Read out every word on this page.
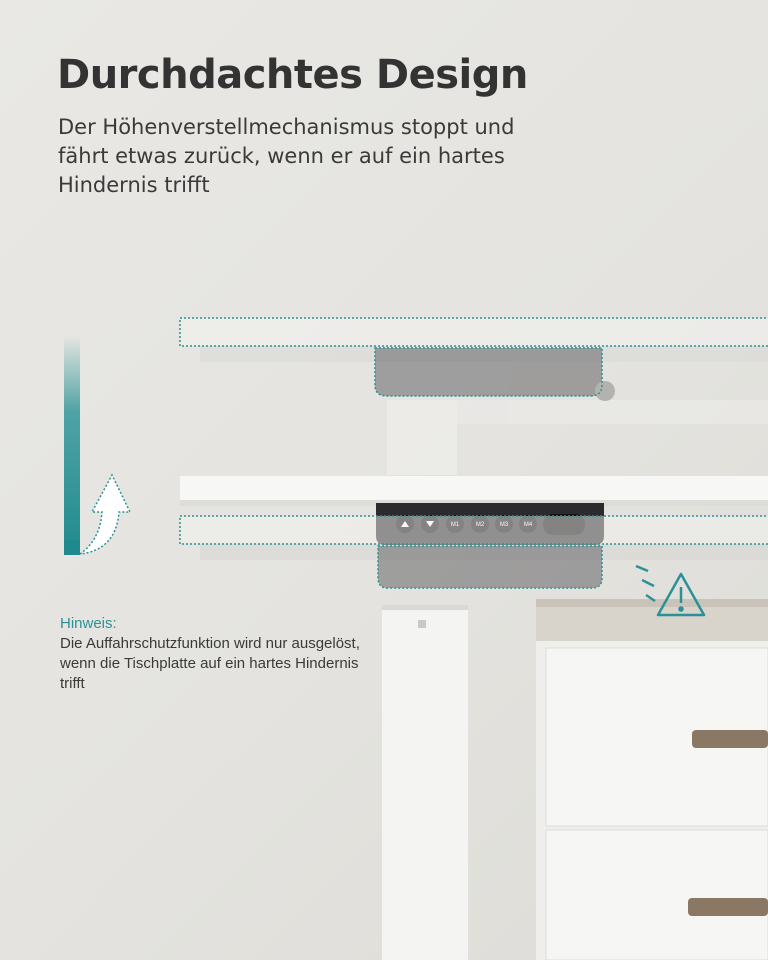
Durchdachtes Design

Der Höhenverstellmechanismus stoppt und fährt etwas zurück, wenn er auf ein hartes Hindernis trifft

Hinweis:
Die Auffahrschutzfunktion wird nur ausgelöst, wenn die Tischplatte auf ein hartes Hindernis trifft
